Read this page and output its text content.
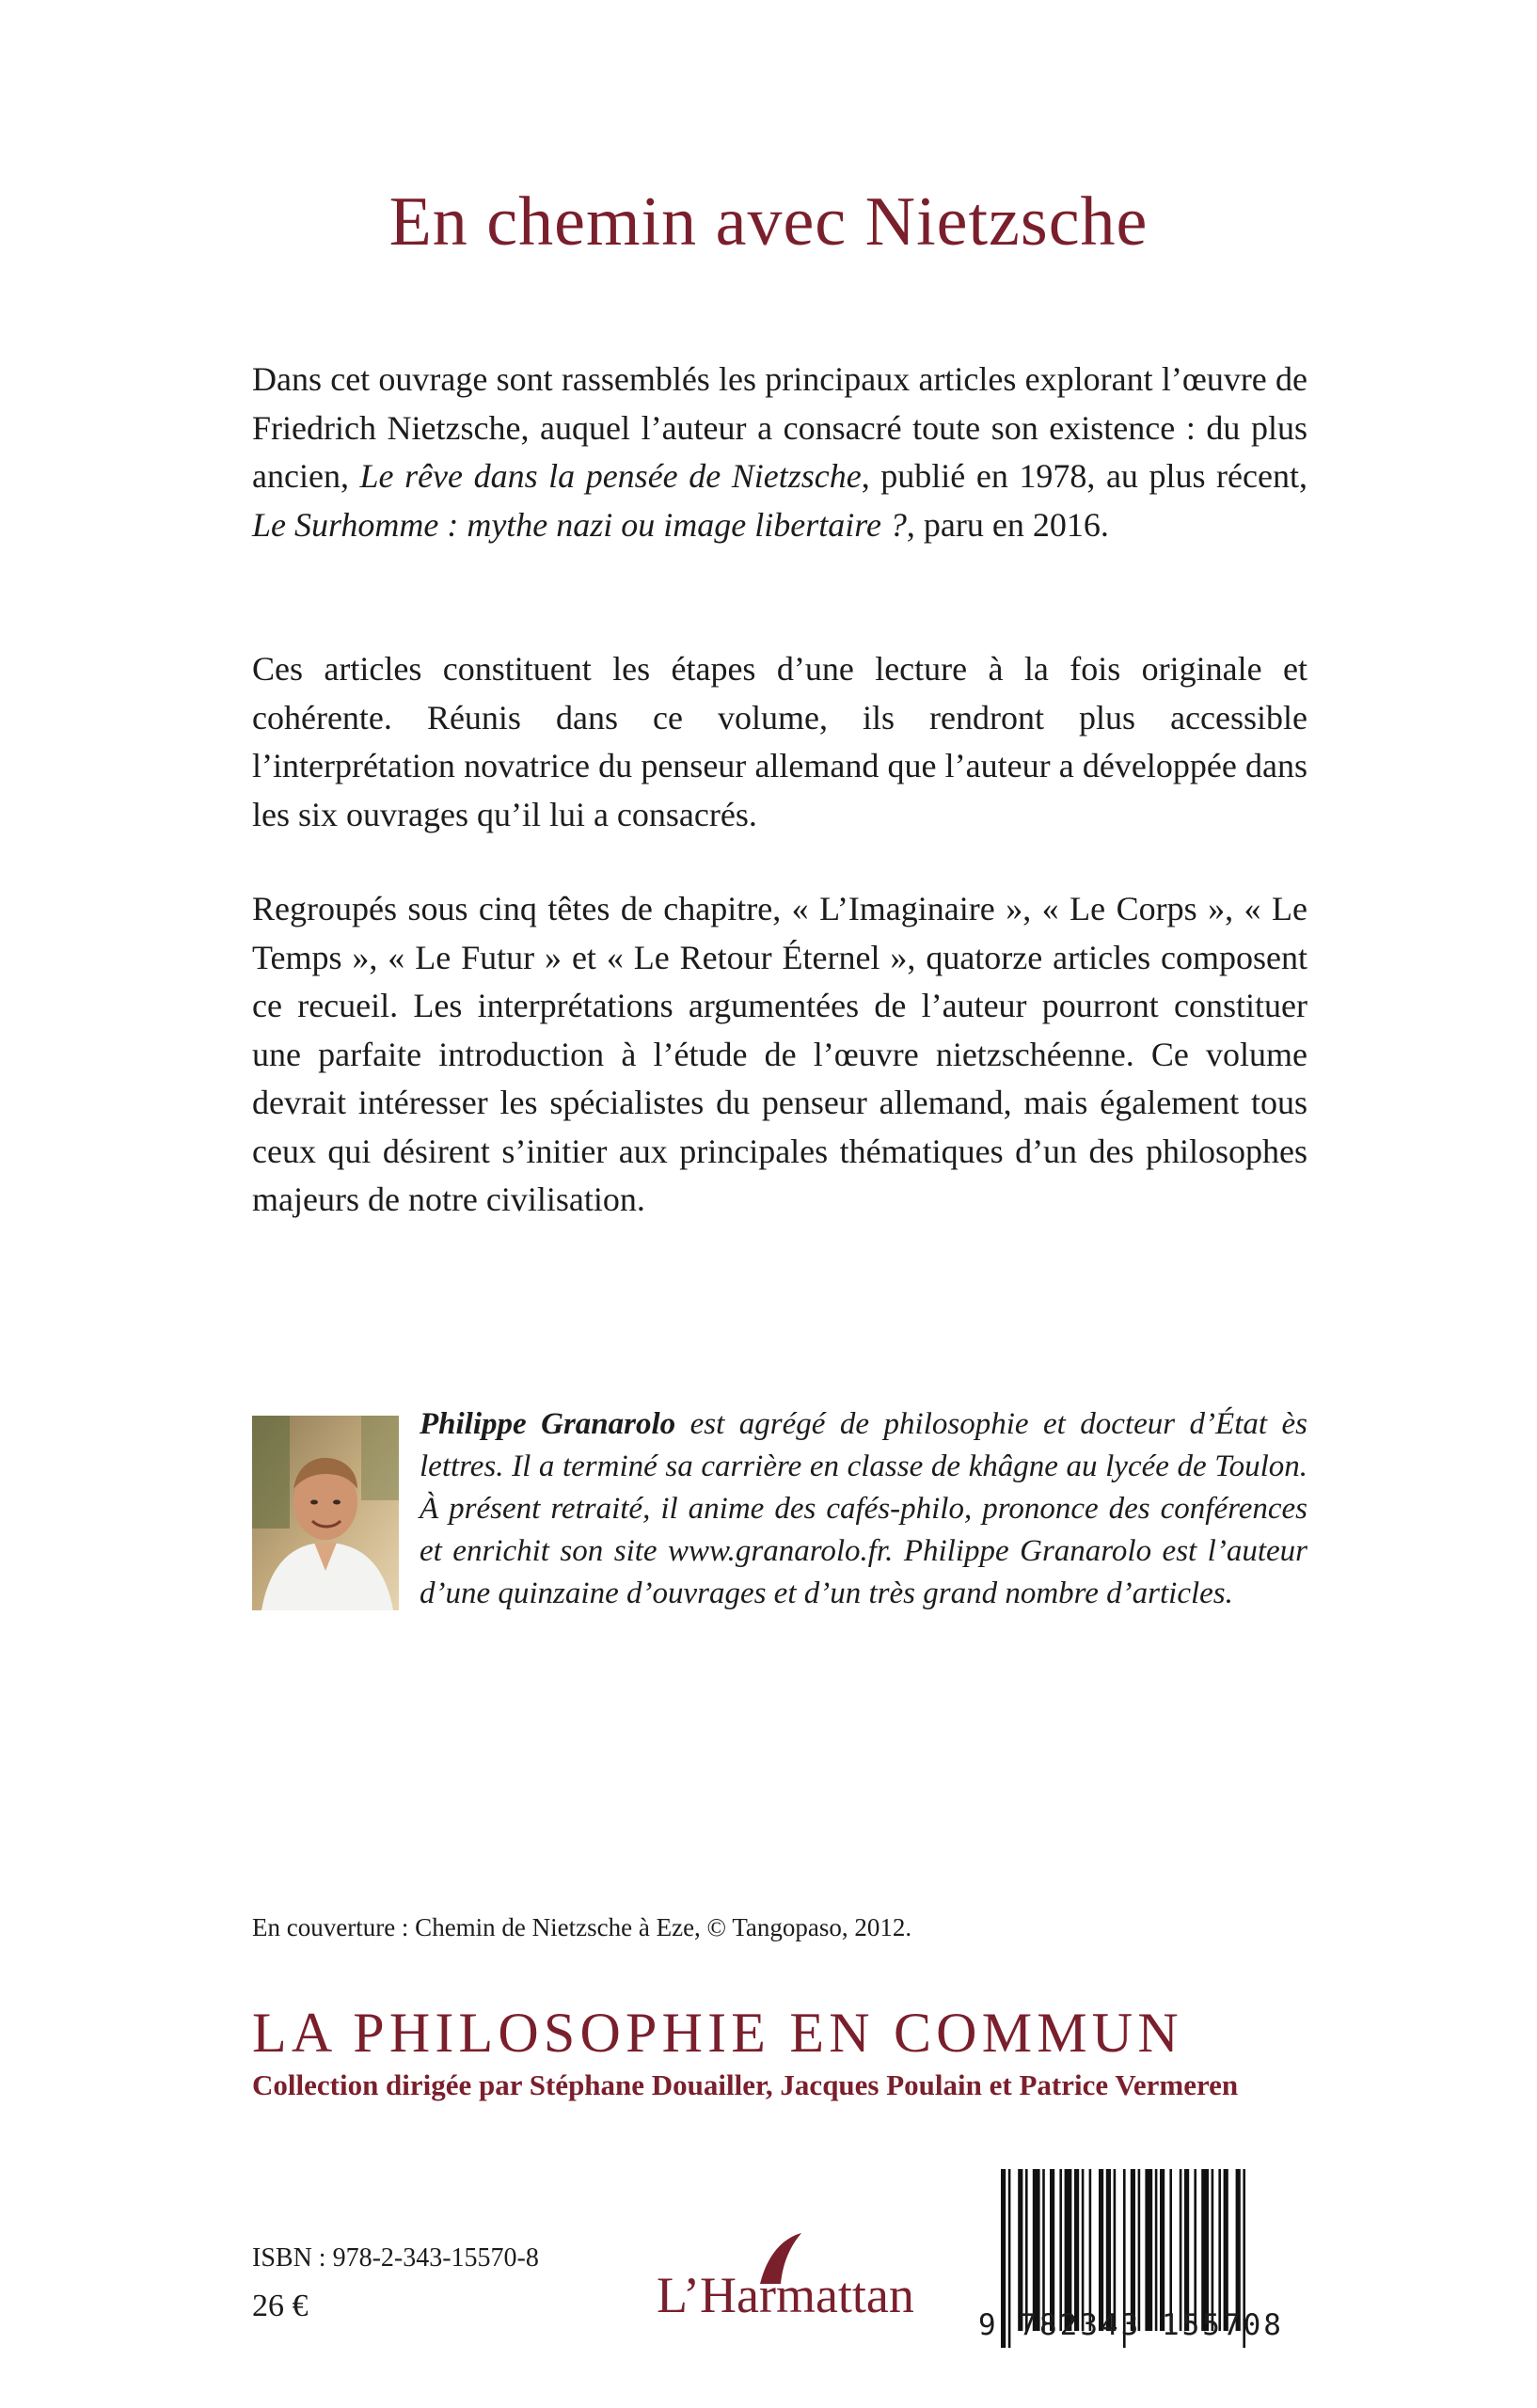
En chemin avec Nietzsche

Dans cet ouvrage sont rassemblés les principaux articles explorant l’œuvre de Friedrich Nietzsche, auquel l’auteur a consacré toute son existence : du plus ancien, Le rêve dans la pensée de Nietzsche, publié en 1978, au plus récent, Le Surhomme : mythe nazi ou image libertaire ?, paru en 2016.

Ces articles constituent les étapes d’une lecture à la fois originale et cohérente. Réunis dans ce volume, ils rendront plus accessible l’interprétation novatrice du penseur allemand que l’auteur a développée dans les six ouvrages qu’il lui a consacrés.

Regroupés sous cinq têtes de chapitre, « L’Imaginaire », « Le Corps », « Le Temps », « Le Futur » et « Le Retour Éternel », quatorze articles composent ce recueil. Les interprétations argumentées de l’auteur pourront constituer une parfaite introduction à l’étude de l’œuvre nietzschéenne. Ce volume devrait intéresser les spécialistes du penseur allemand, mais également tous ceux qui désirent s’initier aux principales thématiques d’un des philosophes majeurs de notre civilisation.

Philippe Granarolo est agrégé de philosophie et docteur d’État ès lettres. Il a terminé sa carrière en classe de khâgne au lycée de Toulon. À présent retraité, il anime des cafés-philo, prononce des conférences et enrichit son site www.granarolo.fr. Philippe Granarolo est l’auteur d’une quinzaine d’ouvrages et d’un très grand nombre d’articles.

En couverture : Chemin de Nietzsche à Eze, © Tangopaso, 2012.
LA PHILOSOPHIE EN COMMUN
Collection dirigée par Stéphane Douailler, Jacques Poulain et Patrice Vermeren
ISBN : 978-2-343-15570-8
26 €	L’Harmattan
9 782343 155708
